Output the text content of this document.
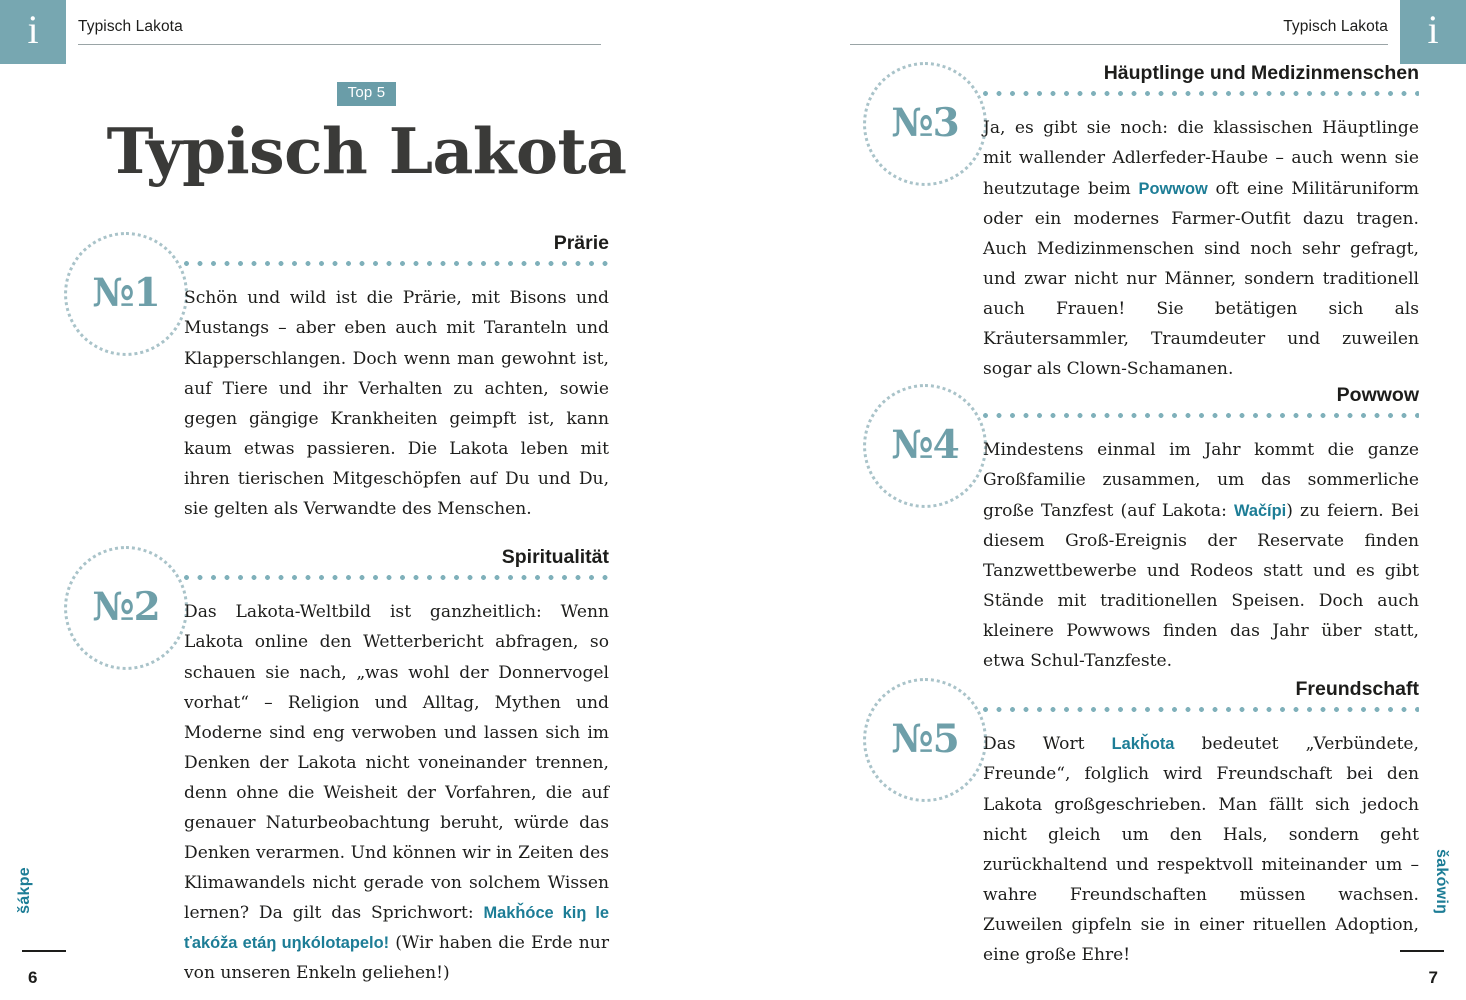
i	Typisch Lakota
Top 5
Typisch Lakota
№1
Prärie
Schön und wild ist die Prärie, mit Bisons und Mustangs – aber eben auch mit Taranteln und Klapperschlangen. Doch wenn man gewohnt ist, auf Tiere und ihr Verhalten zu achten, sowie gegen gängige Krankheiten geimpft ist, kann kaum etwas passieren. Die Lakota leben mit ihren tierischen Mitgeschöpfen auf Du und Du, sie gelten als Verwandte des Menschen.
№2
Spiritualität
Das Lakota-Weltbild ist ganzheitlich: Wenn Lakota online den Wetterbericht abfragen, so schauen sie nach, „was wohl der Donnervogel vorhat“ – Religion und Alltag, Mythen und Moderne sind eng verwoben und lassen sich im Denken der Lakota nicht voneinander trennen, denn ohne die Weisheit der Vorfahren, die auf genauer Naturbeobachtung beruht, würde das Denken verarmen. Und können wir in Zeiten des Klimawandels nicht gerade von solchem Wissen lernen? Da gilt das Sprichwort: Makȟóce kiŋ le ťakóža etáŋ uŋkólotapelo! (Wir haben die Erde nur von unseren Enkeln geliehen!)
šákpe
6
i
Typisch Lakota
№3
Häuptlinge und Medizinmenschen
Ja, es gibt sie noch: die klassischen Häuptlinge mit wallender Adlerfeder-Haube – auch wenn sie heutzutage beim Powwow oft eine Militäruniform oder ein modernes Farmer-Outfit dazu tragen. Auch Medizinmenschen sind noch sehr gefragt, und zwar nicht nur Männer, sondern traditionell auch Frauen! Sie betätigen sich als Kräutersammler, Traumdeuter und zuweilen sogar als Clown-Schamanen.
№4
Powwow
Mindestens einmal im Jahr kommt die ganze Großfamilie zusammen, um das sommerliche große Tanzfest (auf Lakota: Wačípi) zu feiern. Bei diesem Groß-Ereignis der Reservate finden Tanzwettbewerbe und Rodeos statt und es gibt Stände mit traditionellen Speisen. Doch auch kleinere Powwows finden das Jahr über statt, etwa Schul-Tanzfeste.
№5
Freundschaft
Das Wort Lakȟota bedeutet „Verbündete, Freunde“, folglich wird Freundschaft bei den Lakota großgeschrieben. Man fällt sich jedoch nicht gleich um den Hals, sondern geht zurückhaltend und respektvoll miteinander um – wahre Freundschaften müssen wachsen. Zuweilen gipfeln sie in einer rituellen Adoption, eine große Ehre!
šakówiŋ
7
